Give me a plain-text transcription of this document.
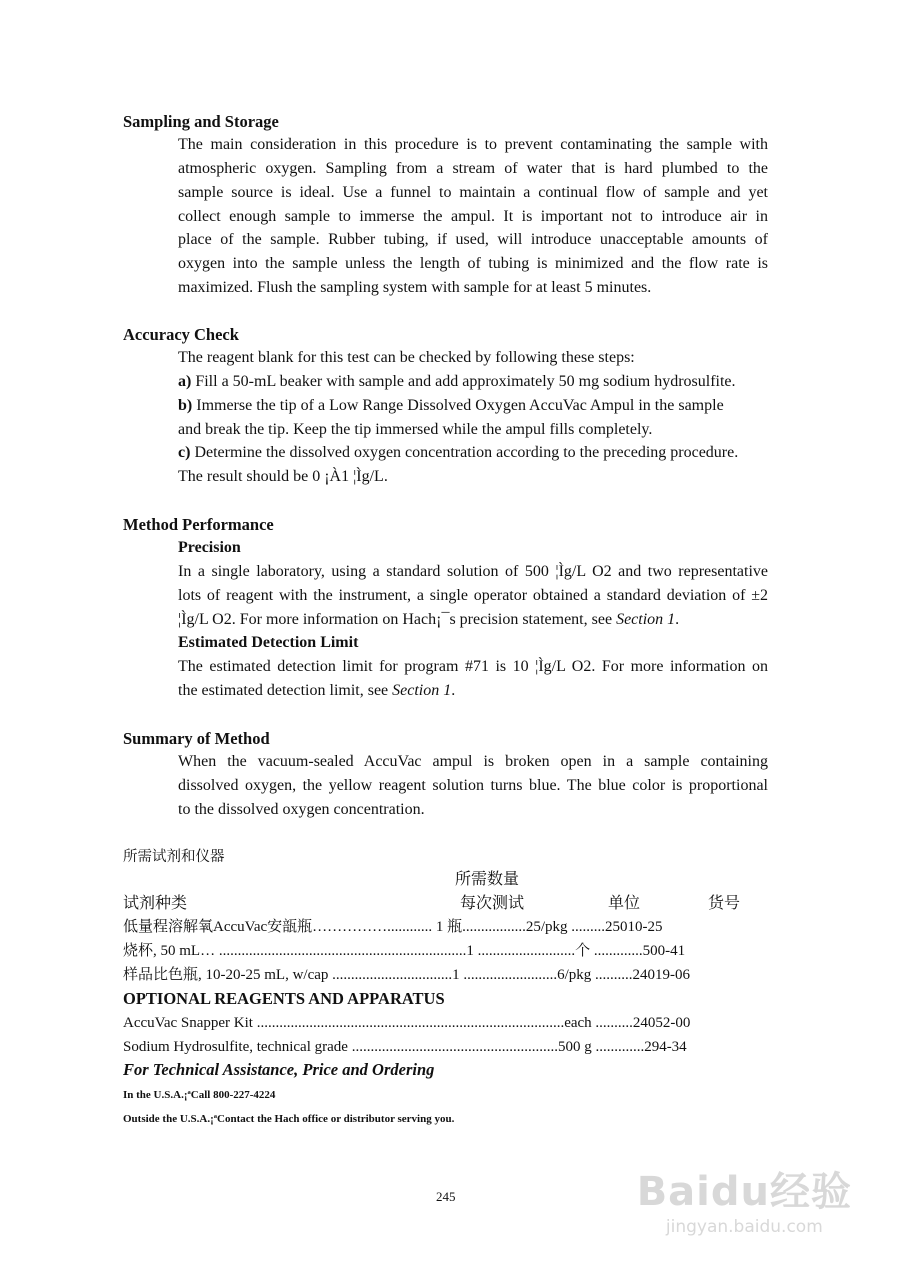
Sampling and Storage
The main consideration in this procedure is to prevent contaminating the sample with
atmospheric oxygen. Sampling from a stream of water that is hard plumbed to the
sample source is ideal. Use a funnel to maintain a continual flow of sample and yet
collect enough sample to immerse the ampul. It is important not to introduce air in
place of the sample. Rubber tubing, if used, will introduce unacceptable amounts of
oxygen into the sample unless the length of tubing is minimized and the flow rate is
maximized. Flush the sampling system with sample for at least 5 minutes.
Accuracy Check
The reagent blank for this test can be checked by following these steps:
a) Fill a 50-mL beaker with sample and add approximately 50 mg sodium hydrosulfite.
b) Immerse the tip of a Low Range Dissolved Oxygen AccuVac Ampul in the sample
and break the tip. Keep the tip immersed while the ampul fills completely.
c) Determine the dissolved oxygen concentration according to the preceding procedure.
The result should be 0 ¡À1 ¦Ìg/L.
Method Performance
Precision
In a single laboratory, using a standard solution of 500 ¦Ìg/L O2 and two representative
lots of reagent with the instrument, a single operator obtained a standard deviation of ±2
¦Ìg/L O2. For more information on Hach¡¯s precision statement, see Section 1.
Estimated Detection Limit
The estimated detection limit for program #71 is 10 ¦Ìg/L O2. For more information on
the estimated detection limit, see Section 1.
Summary of Method
When the vacuum-sealed AccuVac ampul is broken open in a sample containing
dissolved oxygen, the yellow reagent solution turns blue. The blue color is proportional
to the dissolved oxygen concentration.
所需试剂和仪器
所需数量
试剂种类	每次测试	单位	货号
低量程溶解氧AccuVac安瓿瓶……………............ 1 瓶.................25/pkg .........25010-25
烧杯, 50 mL… ..................................................................1 ..........................个 .............500-41
样品比色瓶, 10-20-25 mL, w/cap ................................1 .........................6/pkg ..........24019-06
OPTIONAL REAGENTS AND APPARATUS
AccuVac Snapper Kit ..................................................................................each ..........24052-00
Sodium Hydrosulfite, technical grade .......................................................500 g .............294-34
For Technical Assistance, Price and Ordering
In the U.S.A.¡ªCall 800-227-4224
Outside the U.S.A.¡ªContact the Hach office or distributor serving you.
245	Baidu经验
jingyan.baidu.com
